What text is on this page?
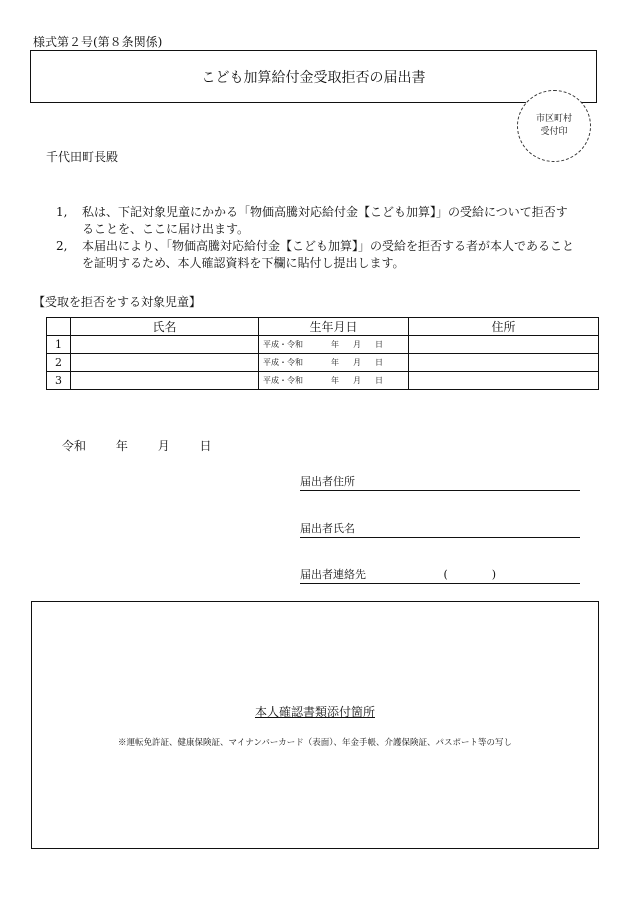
様式第２号(第８条関係)
こども加算給付金受取拒否の届出書
市区町村
受付印
千代田町長殿
1,	私は、下記対象児童にかかる「物価高騰対応給付金【こども加算】」の受給について拒否することを、ここに届け出ます。
2,	本届出により、「物価高騰対応給付金【こども加算】」の受給を拒否する者が本人であることを証明するため、本人確認資料を下欄に貼付し提出します。
【受取を拒否をする対象児童】
	氏名	生年月日	住所
1		平成・令和 年 月 日	
2		平成・令和 年 月 日	
3		平成・令和 年 月 日	
令和 年 月 日
届出者住所
届出者氏名
届出者連絡先	(　　　　)
本人確認書類添付箇所
※運転免許証、健康保険証、マイナンバーカード（表面）、年金手帳、介護保険証、パスポート等の写し
